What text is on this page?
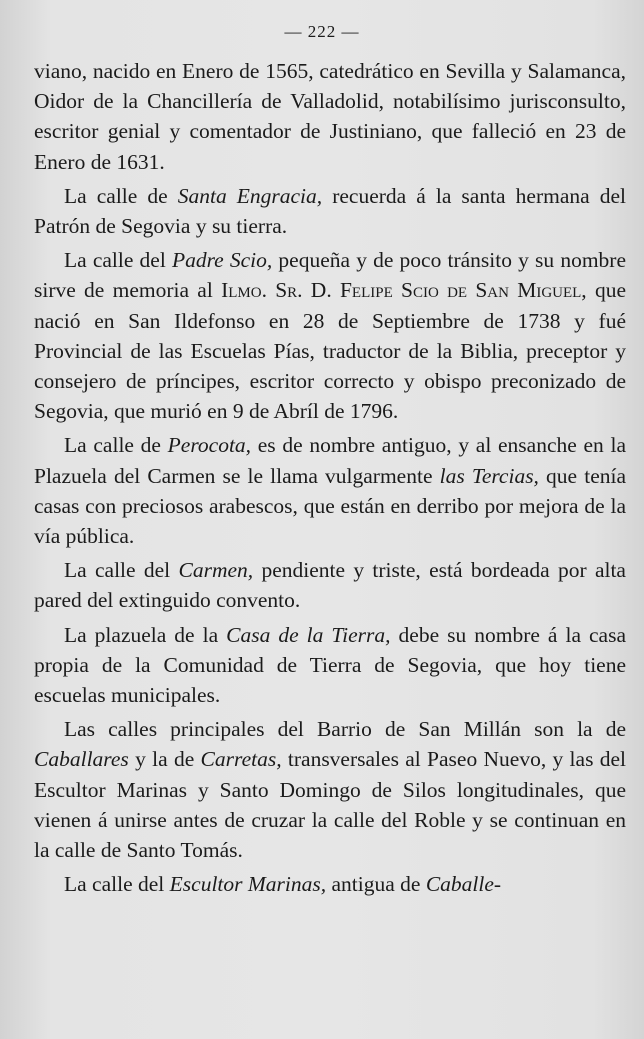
— 222 —

viano, nacido en Enero de 1565, catedrático en Sevilla y Salamanca, Oidor de la Chancillería de Valladolid, notabilísimo jurisconsulto, escritor genial y comentador de Justiniano, que falleció en 23 de Enero de 1631.

La calle de Santa Engracia, recuerda á la santa hermana del Patrón de Segovia y su tierra.

La calle del Padre Scio, pequeña y de poco tránsito y su nombre sirve de memoria al Ilmo. Sr. D. Felipe Scio de San Miguel, que nació en San Ildefonso en 28 de Septiembre de 1738 y fué Provincial de las Escuelas Pías, traductor de la Biblia, preceptor y consejero de príncipes, escritor correcto y obispo preconizado de Segovia, que murió en 9 de Abríl de 1796.

La calle de Perocota, es de nombre antiguo, y al ensanche en la Plazuela del Carmen se le llama vulgarmente las Tercias, que tenía casas con preciosos arabescos, que están en derribo por mejora de la vía pública.

La calle del Carmen, pendiente y triste, está bordeada por alta pared del extinguido convento.

La plazuela de la Casa de la Tierra, debe su nombre á la casa propia de la Comunidad de Tierra de Segovia, que hoy tiene escuelas municipales.

Las calles principales del Barrio de San Millán son la de Caballares y la de Carretas, transversales al Paseo Nuevo, y las del Escultor Marinas y Santo Domingo de Silos longitudinales, que vienen á unirse antes de cruzar la calle del Roble y se continuan en la calle de Santo Tomás.

La calle del Escultor Marinas, antigua de Caballe-
